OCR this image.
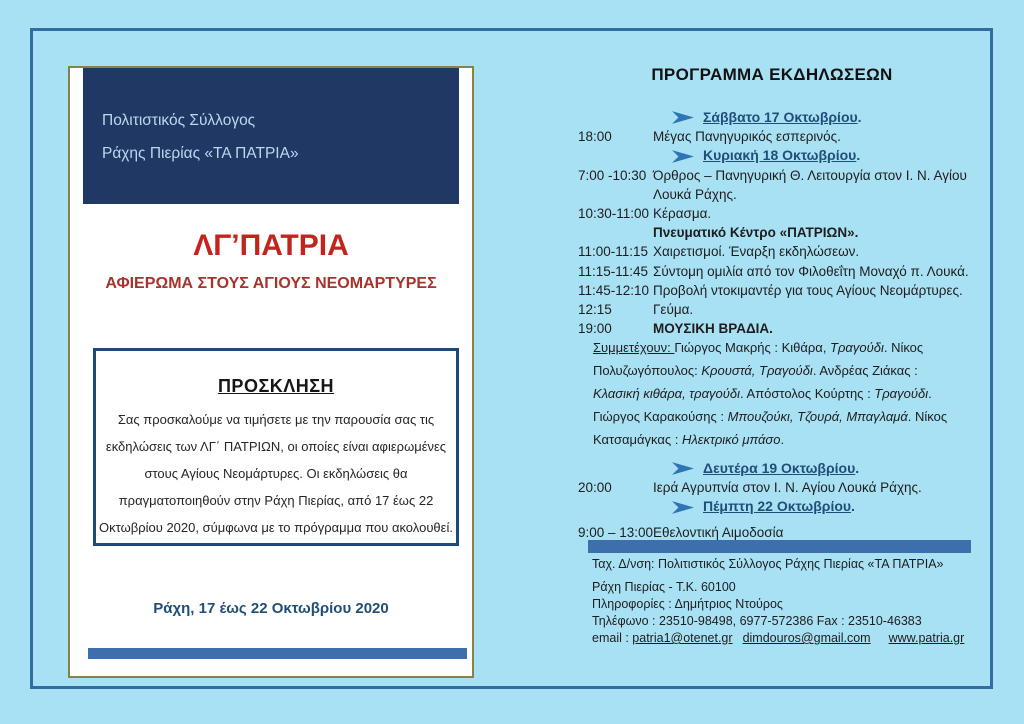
Πολιτιστικός Σύλλογος
Ράχης Πιερίας «ΤΑ ΠΑΤΡΙΑ»
ΛΓ’ΠΑΤΡΙΑ
ΑΦΙΕΡΩΜΑ ΣΤΟΥΣ ΑΓΙΟΥΣ ΝΕΟΜΑΡΤΥΡΕΣ
ΠΡΟΣΚΛΗΣΗ
Σας προσκαλούμε να τιμήσετε με την παρουσία σας τις
εκδηλώσεις των ΛΓ΄ ΠΑΤΡΙΩΝ, οι οποίες είναι αφιερωμένες
στους Αγίους Νεομάρτυρες. Οι εκδηλώσεις θα
πραγματοποιηθούν στην Ράχη Πιερίας, από 17 έως 22
Οκτωβρίου 2020, σύμφωνα με το πρόγραμμα που ακολουθεί.
Ράχη, 17 έως 22 Οκτωβρίου 2020
ΠΡΟΓΡΑΜΜΑ ΕΚΔΗΛΩΣΕΩΝ
Σάββατο 17 Οκτωβρίου .
18:00	Μέγας Πανηγυρικός εσπερινός.
Κυριακή 18 Οκτωβρίου .
7:00 -10:30 Όρθρος – Πανηγυρική Θ. Λειτουργία στον Ι. Ν. Αγίου
Λουκά Ράχης.
10:30-11:00 Κέρασμα.
Πνευματικό Κέντρο «ΠΑΤΡΙΩΝ».
11:00-11:15 Χαιρετισμοί. Έναρξη εκδηλώσεων.
11:15-11:45 Σύντομη ομιλία από τον Φιλοθεΐτη Μοναχό π. Λουκά.
11:45-12:10 Προβολή ντοκιμαντέρ για τους Αγίους Νεομάρτυρες.
12:15	Γεύμα.
19:00	ΜΟΥΣΙΚΗ ΒΡΑΔΙΑ.
Συμμετέχουν: Γιώργος Μακρής : Κιθάρα, Τραγούδι. Νίκος Πολυζωγόπουλος: Κρουστά, Τραγούδι. Ανδρέας Ζιάκας : Κλασική κιθάρα, τραγούδι. Απόστολος Κούρτης : Τραγούδι. Γιώργος Καρακούσης : Μπουζούκι, Τζουρά, Μπαγλαμά. Νίκος Κατσαμάγκας : Ηλεκτρικό μπάσο.
Δευτέρα 19 Οκτωβρίου .
20:00	Ιερά Αγρυπνία στον Ι. Ν. Αγίου Λουκά Ράχης.
Πέμπτη 22 Οκτωβρίου .
9:00 – 13:00 Εθελοντική Αιμοδοσία
Ταχ. Δ/νση: Πολιτιστικός Σύλλογος Ράχης Πιερίας «ΤΑ ΠΑΤΡΙΑ»
Ράχη Πιερίας - Τ.Κ. 60100
Πληροφορίες : Δημήτριος Ντούρος
Τηλέφωνο : 23510-98498, 6977-572386 Fax : 23510-46383
email : patria1@otenet.gr dimdouros@gmail.com www.patria.gr
